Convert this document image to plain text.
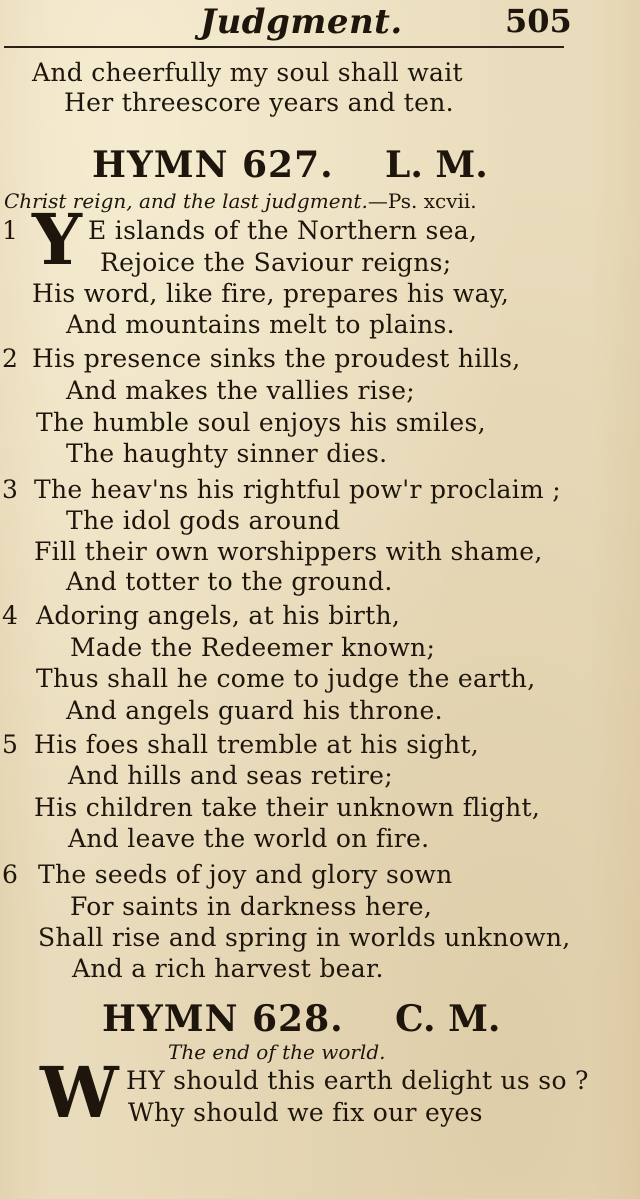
Judgment.	505
And cheerfully my soul shall wait
Her threescore years and ten.
HYMN 627. L. M.
Christ reign, and the last judgment.—Ps. xcvii.
1 Y E islands of the Northern sea,
Rejoice the Saviour reigns;
His word, like fire, prepares his way,
And mountains melt to plains.
2 His presence sinks the proudest hills,
And makes the vallies rise;
The humble soul enjoys his smiles,
The haughty sinner dies.
3 The heav'ns his rightful pow'r proclaim ;
The idol gods around
Fill their own worshippers with shame,
And totter to the ground.
4 Adoring angels, at his birth,
Made the Redeemer known;
Thus shall he come to judge the earth,
And angels guard his throne.
5 His foes shall tremble at his sight,
And hills and seas retire;
His children take their unknown flight,
And leave the world on fire.
6 The seeds of joy and glory sown
For saints in darkness here,
Shall rise and spring in worlds unknown,
And a rich harvest bear.
HYMN 628. C. M.
The end of the world.
W HY should this earth delight us so ?
Why should we fix our eyes
